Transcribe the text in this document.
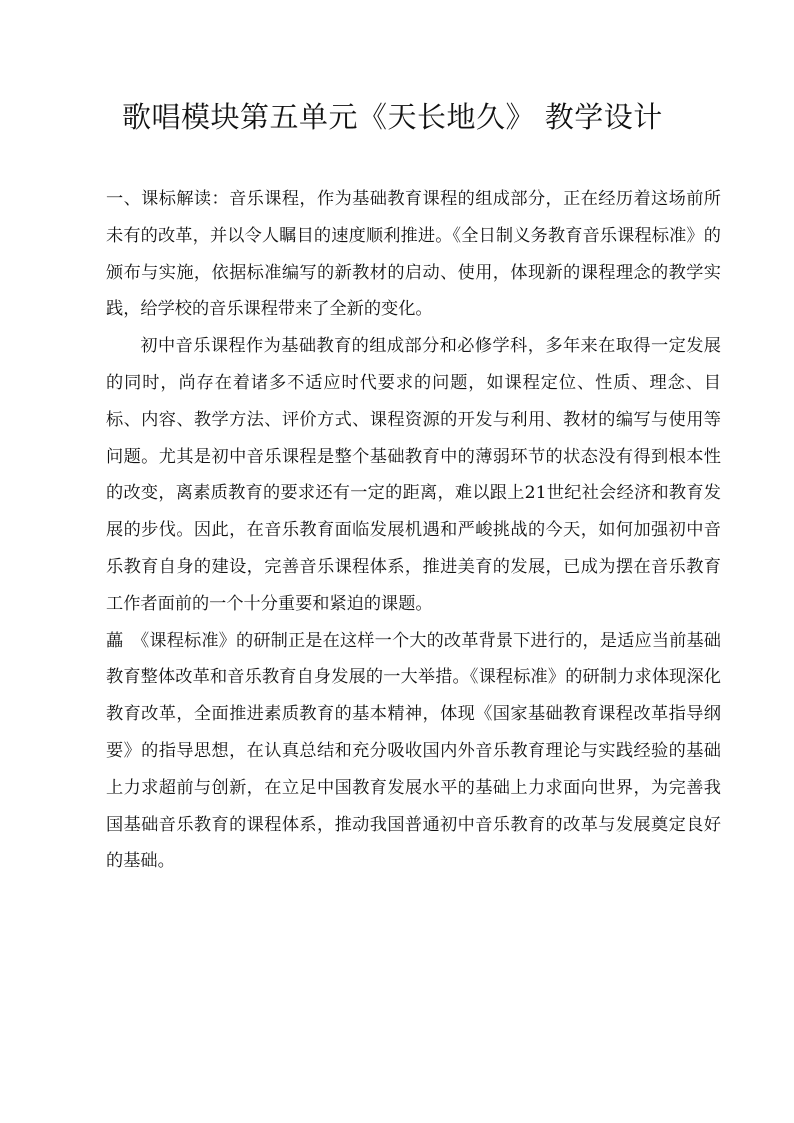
歌唱模块第五单元《天长地久》 教学设计

一、课标解读：音乐课程，作为基础教育课程的组成部分，正在经历着这场前所未有的改革，并以令人瞩目的速度顺利推进。《全日制义务教育音乐课程标准》的颁布与实施，依据标准编写的新教材的启动、使用，体现新的课程理念的教学实践，给学校的音乐课程带来了全新的变化。

初中音乐课程作为基础教育的组成部分和必修学科，多年来在取得一定发展的同时，尚存在着诸多不适应时代要求的问题，如课程定位、性质、理念、目标、内容、教学方法、评价方式、课程资源的开发与利用、教材的编写与使用等问题。尤其是初中音乐课程是整个基础教育中的薄弱环节的状态没有得到根本性的改变，离素质教育的要求还有一定的距离，难以跟上21世纪社会经济和教育发展的步伐。因此，在音乐教育面临发展机遇和严峻挑战的今天，如何加强初中音乐教育自身的建设，完善音乐课程体系，推进美育的发展，已成为摆在音乐教育工作者面前的一个十分重要和紧迫的课题。

藟　《课程标准》的研制正是在这样一个大的改革背景下进行的，是适应当前基础教育整体改革和音乐教育自身发展的一大举措。《课程标准》的研制力求体现深化教育改革，全面推进素质教育的基本精神，体现《国家基础教育课程改革指导纲要》的指导思想，在认真总结和充分吸收国内外音乐教育理论与实践经验的基础上力求超前与创新，在立足中国教育发展水平的基础上力求面向世界，为完善我国基础音乐教育的课程体系，推动我国普通初中音乐教育的改革与发展奠定良好的基础。
